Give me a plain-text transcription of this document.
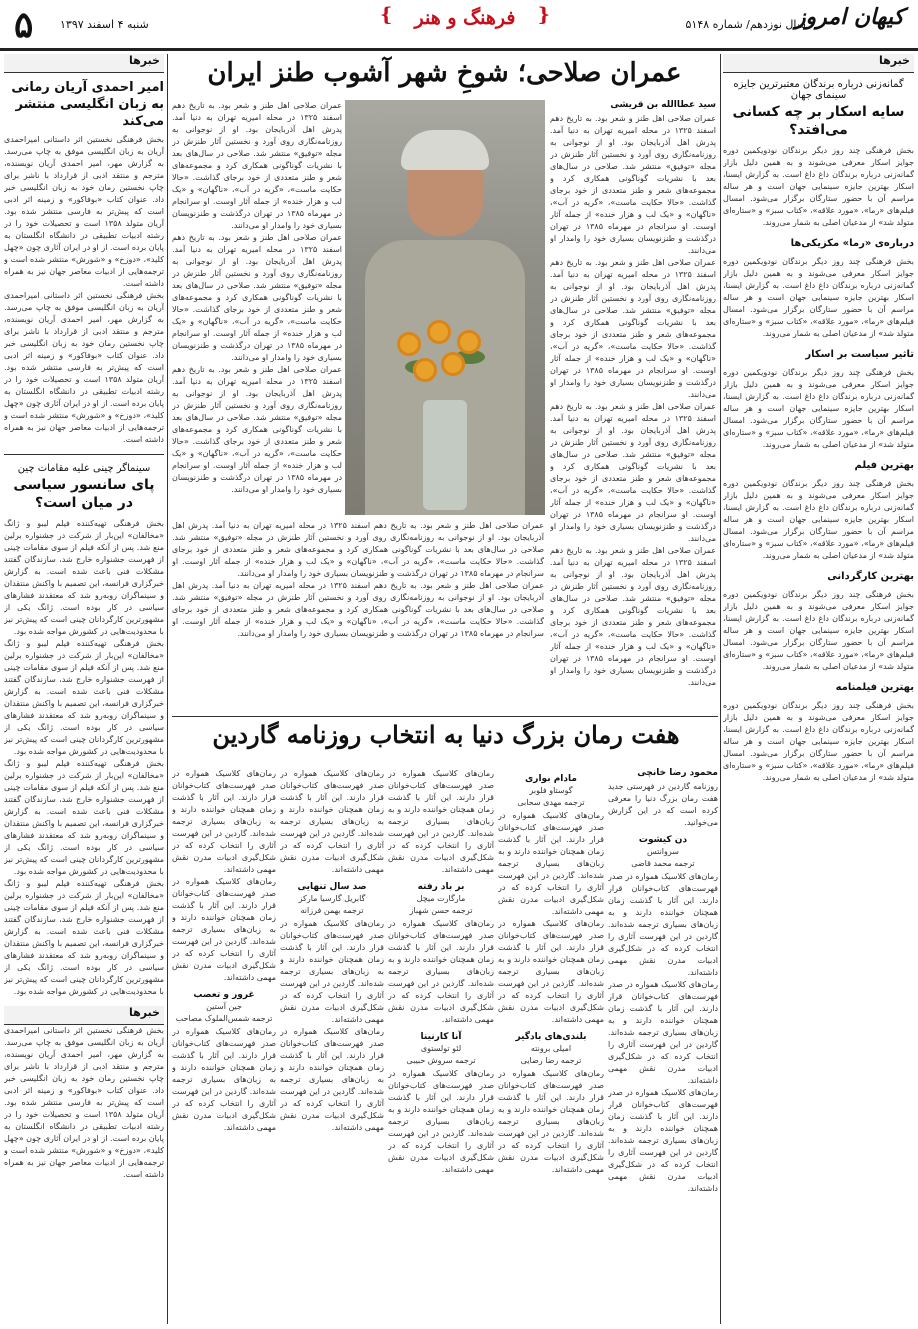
۵ شنبه ۴ اسفند ۱۳۹۷
{	فرهنگ و هنر }	سال نوزدهم/ شماره ۵۱۴۸
کیهان امروز
خبرها
امیر احمدی آریان رمانی به زبان انگلیسی منتشر می‌کند
بخش فرهنگی نخستین اثر داستانی امیراحمدی آریان به زبان انگلیسی موفق به چاپ می‌رسد. به گزارش مهر، امیر احمدی آریان نویسنده، مترجم و منتقد ادبی از قرارداد با ناشر برای چاپ نخستین رمان خود به زبان انگلیسی خبر داد. عنوان کتاب «بوفاکور» و زمینه اثر ادبی است که پیش‌تر به فارسی منتشر شده بود. آریان متولد ۱۳۵۸ است و تحصیلات خود را در رشته ادبیات تطبیقی در دانشگاه انگلستان به پایان برده است. از او در ایران آثاری چون «چهل کلید»، «دوزخ» و «شورش» منتشر شده است و ترجمه‌هایی از ادبیات معاصر جهان نیز به همراه داشته است.
بخش فرهنگی نخستین اثر داستانی امیراحمدی آریان به زبان انگلیسی موفق به چاپ می‌رسد. به گزارش مهر، امیر احمدی آریان نویسنده، مترجم و منتقد ادبی از قرارداد با ناشر برای چاپ نخستین رمان خود به زبان انگلیسی خبر داد. عنوان کتاب «بوفاکور» و زمینه اثر ادبی است که پیش‌تر به فارسی منتشر شده بود. آریان متولد ۱۳۵۸ است و تحصیلات خود را در رشته ادبیات تطبیقی در دانشگاه انگلستان به پایان برده است. از او در ایران آثاری چون «چهل کلید»، «دوزخ» و «شورش» منتشر شده است و ترجمه‌هایی از ادبیات معاصر جهان نیز به همراه داشته است.
سینماگر چینی علیه مقامات چین
پای سانسور سیاسی در میان است؟
بخش فرهنگی تهیه‌کننده فیلم لیبو و ژانگ «مخالفان» این‌بار از شرکت در جشنواره برلین منع شد. پس از آنکه فیلم از سوی مقامات چینی از فهرست جشنواره خارج شد، سازندگان گفتند مشکلات فنی باعث شده است. به گزارش خبرگزاری فرانسه، این تصمیم با واکنش منتقدان و سینماگران روبه‌رو شد که معتقدند فشارهای سیاسی در کار بوده است. ژانگ یکی از مشهورترین کارگردانان چینی است که پیش‌تر نیز با محدودیت‌هایی در کشورش مواجه شده بود.
بخش فرهنگی تهیه‌کننده فیلم لیبو و ژانگ «مخالفان» این‌بار از شرکت در جشنواره برلین منع شد. پس از آنکه فیلم از سوی مقامات چینی از فهرست جشنواره خارج شد، سازندگان گفتند مشکلات فنی باعث شده است. به گزارش خبرگزاری فرانسه، این تصمیم با واکنش منتقدان و سینماگران روبه‌رو شد که معتقدند فشارهای سیاسی در کار بوده است. ژانگ یکی از مشهورترین کارگردانان چینی است که پیش‌تر نیز با محدودیت‌هایی در کشورش مواجه شده بود.
بخش فرهنگی تهیه‌کننده فیلم لیبو و ژانگ «مخالفان» این‌بار از شرکت در جشنواره برلین منع شد. پس از آنکه فیلم از سوی مقامات چینی از فهرست جشنواره خارج شد، سازندگان گفتند مشکلات فنی باعث شده است. به گزارش خبرگزاری فرانسه، این تصمیم با واکنش منتقدان و سینماگران روبه‌رو شد که معتقدند فشارهای سیاسی در کار بوده است. ژانگ یکی از مشهورترین کارگردانان چینی است که پیش‌تر نیز با محدودیت‌هایی در کشورش مواجه شده بود.
بخش فرهنگی تهیه‌کننده فیلم لیبو و ژانگ «مخالفان» این‌بار از شرکت در جشنواره برلین منع شد. پس از آنکه فیلم از سوی مقامات چینی از فهرست جشنواره خارج شد، سازندگان گفتند مشکلات فنی باعث شده است. به گزارش خبرگزاری فرانسه، این تصمیم با واکنش منتقدان و سینماگران روبه‌رو شد که معتقدند فشارهای سیاسی در کار بوده است. ژانگ یکی از مشهورترین کارگردانان چینی است که پیش‌تر نیز با محدودیت‌هایی در کشورش مواجه شده بود.
خبرها
بخش فرهنگی نخستین اثر داستانی امیراحمدی آریان به زبان انگلیسی موفق به چاپ می‌رسد. به گزارش مهر، امیر احمدی آریان نویسنده، مترجم و منتقد ادبی از قرارداد با ناشر برای چاپ نخستین رمان خود به زبان انگلیسی خبر داد. عنوان کتاب «بوفاکور» و زمینه اثر ادبی است که پیش‌تر به فارسی منتشر شده بود. آریان متولد ۱۳۵۸ است و تحصیلات خود را در رشته ادبیات تطبیقی در دانشگاه انگلستان به پایان برده است. از او در ایران آثاری چون «چهل کلید»، «دوزخ» و «شورش» منتشر شده است و ترجمه‌هایی از ادبیات معاصر جهان نیز به همراه داشته است.
خبرها
گمانه‌زنی درباره برندگان معتبرترین جایزه سینمای جهان
سایه اسکار بر چه کسانی می‌افتد؟
بخش فرهنگی چند روز دیگر برندگان نودویکمین دوره جوایز اسکار معرفی می‌شوند و به همین دلیل بازار گمانه‌زنی درباره برندگان داغ داغ است. به گزارش ایسنا، اسکار بهترین جایزه سینمایی جهان است و هر ساله مراسم آن با حضور ستارگان برگزار می‌شود. امسال فیلم‌های «رما»، «مورد علاقه»، «کتاب سبز» و «ستاره‌ای متولد شد» از مدعیان اصلی به شمار می‌روند.
درباره‌ی «رما» مکزیکی‌ها
بخش فرهنگی چند روز دیگر برندگان نودویکمین دوره جوایز اسکار معرفی می‌شوند و به همین دلیل بازار گمانه‌زنی درباره برندگان داغ داغ است. به گزارش ایسنا، اسکار بهترین جایزه سینمایی جهان است و هر ساله مراسم آن با حضور ستارگان برگزار می‌شود. امسال فیلم‌های «رما»، «مورد علاقه»، «کتاب سبز» و «ستاره‌ای متولد شد» از مدعیان اصلی به شمار می‌روند.
تاثیر سیاست بر اسکار
بخش فرهنگی چند روز دیگر برندگان نودویکمین دوره جوایز اسکار معرفی می‌شوند و به همین دلیل بازار گمانه‌زنی درباره برندگان داغ داغ است. به گزارش ایسنا، اسکار بهترین جایزه سینمایی جهان است و هر ساله مراسم آن با حضور ستارگان برگزار می‌شود. امسال فیلم‌های «رما»، «مورد علاقه»، «کتاب سبز» و «ستاره‌ای متولد شد» از مدعیان اصلی به شمار می‌روند.
بهترین فیلم
بخش فرهنگی چند روز دیگر برندگان نودویکمین دوره جوایز اسکار معرفی می‌شوند و به همین دلیل بازار گمانه‌زنی درباره برندگان داغ داغ است. به گزارش ایسنا، اسکار بهترین جایزه سینمایی جهان است و هر ساله مراسم آن با حضور ستارگان برگزار می‌شود. امسال فیلم‌های «رما»، «مورد علاقه»، «کتاب سبز» و «ستاره‌ای متولد شد» از مدعیان اصلی به شمار می‌روند.
بهترین کارگردانی
بخش فرهنگی چند روز دیگر برندگان نودویکمین دوره جوایز اسکار معرفی می‌شوند و به همین دلیل بازار گمانه‌زنی درباره برندگان داغ داغ است. به گزارش ایسنا، اسکار بهترین جایزه سینمایی جهان است و هر ساله مراسم آن با حضور ستارگان برگزار می‌شود. امسال فیلم‌های «رما»، «مورد علاقه»، «کتاب سبز» و «ستاره‌ای متولد شد» از مدعیان اصلی به شمار می‌روند.
بهترین فیلمنامه
بخش فرهنگی چند روز دیگر برندگان نودویکمین دوره جوایز اسکار معرفی می‌شوند و به همین دلیل بازار گمانه‌زنی درباره برندگان داغ داغ است. به گزارش ایسنا، اسکار بهترین جایزه سینمایی جهان است و هر ساله مراسم آن با حضور ستارگان برگزار می‌شود. امسال فیلم‌های «رما»، «مورد علاقه»، «کتاب سبز» و «ستاره‌ای متولد شد» از مدعیان اصلی به شمار می‌روند.
عمران صلاحی؛ شوخِ شهر آشوب طنز ایران
سید عطاالله بن قریشی
عمران صلاحی اهل طنز و شعر بود. به تاریخ دهم اسفند ۱۳۲۵ در محله امیریه تهران به دنیا آمد. پدرش اهل آذربایجان بود. او از نوجوانی به روزنامه‌نگاری روی آورد و نخستین آثار طنزش در مجله «توفیق» منتشر شد. صلاحی در سال‌های بعد با نشریات گوناگونی همکاری کرد و مجموعه‌های شعر و طنز متعددی از خود برجای گذاشت. «حالا حکایت ماست»، «گریه در آب»، «ناگهان» و «یک لب و هزار خنده» از جمله آثار اوست. او سرانجام در مهرماه ۱۳۸۵ در تهران درگذشت و طنزنویسان بسیاری خود را وامدار او می‌دانند.
عمران صلاحی اهل طنز و شعر بود. به تاریخ دهم اسفند ۱۳۲۵ در محله امیریه تهران به دنیا آمد. پدرش اهل آذربایجان بود. او از نوجوانی به روزنامه‌نگاری روی آورد و نخستین آثار طنزش در مجله «توفیق» منتشر شد. صلاحی در سال‌های بعد با نشریات گوناگونی همکاری کرد و مجموعه‌های شعر و طنز متعددی از خود برجای گذاشت. «حالا حکایت ماست»، «گریه در آب»، «ناگهان» و «یک لب و هزار خنده» از جمله آثار اوست. او سرانجام در مهرماه ۱۳۸۵ در تهران درگذشت و طنزنویسان بسیاری خود را وامدار او می‌دانند.
عمران صلاحی اهل طنز و شعر بود. به تاریخ دهم اسفند ۱۳۲۵ در محله امیریه تهران به دنیا آمد. پدرش اهل آذربایجان بود. او از نوجوانی به روزنامه‌نگاری روی آورد و نخستین آثار طنزش در مجله «توفیق» منتشر شد. صلاحی در سال‌های بعد با نشریات گوناگونی همکاری کرد و مجموعه‌های شعر و طنز متعددی از خود برجای گذاشت. «حالا حکایت ماست»، «گریه در آب»، «ناگهان» و «یک لب و هزار خنده» از جمله آثار اوست. او سرانجام در مهرماه ۱۳۸۵ در تهران درگذشت و طنزنویسان بسیاری خود را وامدار او می‌دانند.
عمران صلاحی اهل طنز و شعر بود. به تاریخ دهم اسفند ۱۳۲۵ در محله امیریه تهران به دنیا آمد. پدرش اهل آذربایجان بود. او از نوجوانی به روزنامه‌نگاری روی آورد و نخستین آثار طنزش در مجله «توفیق» منتشر شد. صلاحی در سال‌های بعد با نشریات گوناگونی همکاری کرد و مجموعه‌های شعر و طنز متعددی از خود برجای گذاشت. «حالا حکایت ماست»، «گریه در آب»، «ناگهان» و «یک لب و هزار خنده» از جمله آثار اوست. او سرانجام در مهرماه ۱۳۸۵ در تهران درگذشت و طنزنویسان بسیاری خود را وامدار او می‌دانند.
عمران صلاحی اهل طنز و شعر بود. به تاریخ دهم اسفند ۱۳۲۵ در محله امیریه تهران به دنیا آمد. پدرش اهل آذربایجان بود. او از نوجوانی به روزنامه‌نگاری روی آورد و نخستین آثار طنزش در مجله «توفیق» منتشر شد. صلاحی در سال‌های بعد با نشریات گوناگونی همکاری کرد و مجموعه‌های شعر و طنز متعددی از خود برجای گذاشت. «حالا حکایت ماست»، «گریه در آب»، «ناگهان» و «یک لب و هزار خنده» از جمله آثار اوست. او سرانجام در مهرماه ۱۳۸۵ در تهران درگذشت و طنزنویسان بسیاری خود را وامدار او می‌دانند.
عمران صلاحی اهل طنز و شعر بود. به تاریخ دهم اسفند ۱۳۲۵ در محله امیریه تهران به دنیا آمد. پدرش اهل آذربایجان بود. او از نوجوانی به روزنامه‌نگاری روی آورد و نخستین آثار طنزش در مجله «توفیق» منتشر شد. صلاحی در سال‌های بعد با نشریات گوناگونی همکاری کرد و مجموعه‌های شعر و طنز متعددی از خود برجای گذاشت. «حالا حکایت ماست»، «گریه در آب»، «ناگهان» و «یک لب و هزار خنده» از جمله آثار اوست. او سرانجام در مهرماه ۱۳۸۵ در تهران درگذشت و طنزنویسان بسیاری خود را وامدار او می‌دانند.
عمران صلاحی اهل طنز و شعر بود. به تاریخ دهم اسفند ۱۳۲۵ در محله امیریه تهران به دنیا آمد. پدرش اهل آذربایجان بود. او از نوجوانی به روزنامه‌نگاری روی آورد و نخستین آثار طنزش در مجله «توفیق» منتشر شد. صلاحی در سال‌های بعد با نشریات گوناگونی همکاری کرد و مجموعه‌های شعر و طنز متعددی از خود برجای گذاشت. «حالا حکایت ماست»، «گریه در آب»، «ناگهان» و «یک لب و هزار خنده» از جمله آثار اوست. او سرانجام در مهرماه ۱۳۸۵ در تهران درگذشت و طنزنویسان بسیاری خود را وامدار او می‌دانند.
عمران صلاحی اهل طنز و شعر بود. به تاریخ دهم اسفند ۱۳۲۵ در محله امیریه تهران به دنیا آمد. پدرش اهل آذربایجان بود. او از نوجوانی به روزنامه‌نگاری روی آورد و نخستین آثار طنزش در مجله «توفیق» منتشر شد. صلاحی در سال‌های بعد با نشریات گوناگونی همکاری کرد و مجموعه‌های شعر و طنز متعددی از خود برجای گذاشت. «حالا حکایت ماست»، «گریه در آب»، «ناگهان» و «یک لب و هزار خنده» از جمله آثار اوست. او سرانجام در مهرماه ۱۳۸۵ در تهران درگذشت و طنزنویسان بسیاری خود را وامدار او می‌دانند.
عمران صلاحی اهل طنز و شعر بود. به تاریخ دهم اسفند ۱۳۲۵ در محله امیریه تهران به دنیا آمد. پدرش اهل آذربایجان بود. او از نوجوانی به روزنامه‌نگاری روی آورد و نخستین آثار طنزش در مجله «توفیق» منتشر شد. صلاحی در سال‌های بعد با نشریات گوناگونی همکاری کرد و مجموعه‌های شعر و طنز متعددی از خود برجای گذاشت. «حالا حکایت ماست»، «گریه در آب»، «ناگهان» و «یک لب و هزار خنده» از جمله آثار اوست. او سرانجام در مهرماه ۱۳۸۵ در تهران درگذشت و طنزنویسان بسیاری خود را وامدار او می‌دانند.
هفت رمان بزرگ دنیا به انتخاب روزنامه گاردین
محمود رضا خانچی
روزنامه گاردین در فهرستی جدید هفت رمان بزرگ دنیا را معرفی کرده است که در این گزارش می‌خوانید.
دن کیشوت
سروانتس
ترجمه محمد قاضی
رمان‌های کلاسیک همواره در صدر فهرست‌های کتاب‌خوانان قرار دارند. این آثار با گذشت زمان همچنان خواننده دارند و به زبان‌های بسیاری ترجمه شده‌اند. گاردین در این فهرست آثاری را انتخاب کرده که در شکل‌گیری ادبیات مدرن نقش مهمی داشته‌اند.
رمان‌های کلاسیک همواره در صدر فهرست‌های کتاب‌خوانان قرار دارند. این آثار با گذشت زمان همچنان خواننده دارند و به زبان‌های بسیاری ترجمه شده‌اند. گاردین در این فهرست آثاری را انتخاب کرده که در شکل‌گیری ادبیات مدرن نقش مهمی داشته‌اند.
رمان‌های کلاسیک همواره در صدر فهرست‌های کتاب‌خوانان قرار دارند. این آثار با گذشت زمان همچنان خواننده دارند و به زبان‌های بسیاری ترجمه شده‌اند. گاردین در این فهرست آثاری را انتخاب کرده که در شکل‌گیری ادبیات مدرن نقش مهمی داشته‌اند.
مادام بواری
گوستاو فلوبر
ترجمه مهدی سحابی
رمان‌های کلاسیک همواره در صدر فهرست‌های کتاب‌خوانان قرار دارند. این آثار با گذشت زمان همچنان خواننده دارند و به زبان‌های بسیاری ترجمه شده‌اند. گاردین در این فهرست آثاری را انتخاب کرده که در شکل‌گیری ادبیات مدرن نقش مهمی داشته‌اند.
رمان‌های کلاسیک همواره در صدر فهرست‌های کتاب‌خوانان قرار دارند. این آثار با گذشت زمان همچنان خواننده دارند و به زبان‌های بسیاری ترجمه شده‌اند. گاردین در این فهرست آثاری را انتخاب کرده که در شکل‌گیری ادبیات مدرن نقش مهمی داشته‌اند.
بلندی‌های بادگیر
امیلی برونته
ترجمه رضا رضایی
رمان‌های کلاسیک همواره در صدر فهرست‌های کتاب‌خوانان قرار دارند. این آثار با گذشت زمان همچنان خواننده دارند و به زبان‌های بسیاری ترجمه شده‌اند. گاردین در این فهرست آثاری را انتخاب کرده که در شکل‌گیری ادبیات مدرن نقش مهمی داشته‌اند.
رمان‌های کلاسیک همواره در صدر فهرست‌های کتاب‌خوانان قرار دارند. این آثار با گذشت زمان همچنان خواننده دارند و به زبان‌های بسیاری ترجمه شده‌اند. گاردین در این فهرست آثاری را انتخاب کرده که در شکل‌گیری ادبیات مدرن نقش مهمی داشته‌اند.
بر باد رفته
مارگارت میچل
ترجمه حسن شهباز
رمان‌های کلاسیک همواره در صدر فهرست‌های کتاب‌خوانان قرار دارند. این آثار با گذشت زمان همچنان خواننده دارند و به زبان‌های بسیاری ترجمه شده‌اند. گاردین در این فهرست آثاری را انتخاب کرده که در شکل‌گیری ادبیات مدرن نقش مهمی داشته‌اند.
آنا کارنینا
لئو تولستوی
ترجمه سروش حبیبی
رمان‌های کلاسیک همواره در صدر فهرست‌های کتاب‌خوانان قرار دارند. این آثار با گذشت زمان همچنان خواننده دارند و به زبان‌های بسیاری ترجمه شده‌اند. گاردین در این فهرست آثاری را انتخاب کرده که در شکل‌گیری ادبیات مدرن نقش مهمی داشته‌اند.
رمان‌های کلاسیک همواره در صدر فهرست‌های کتاب‌خوانان قرار دارند. این آثار با گذشت زمان همچنان خواننده دارند و به زبان‌های بسیاری ترجمه شده‌اند. گاردین در این فهرست آثاری را انتخاب کرده که در شکل‌گیری ادبیات مدرن نقش مهمی داشته‌اند.
صد سال تنهایی
گابریل گارسیا مارکز
ترجمه بهمن فرزانه
رمان‌های کلاسیک همواره در صدر فهرست‌های کتاب‌خوانان قرار دارند. این آثار با گذشت زمان همچنان خواننده دارند و به زبان‌های بسیاری ترجمه شده‌اند. گاردین در این فهرست آثاری را انتخاب کرده که در شکل‌گیری ادبیات مدرن نقش مهمی داشته‌اند.
رمان‌های کلاسیک همواره در صدر فهرست‌های کتاب‌خوانان قرار دارند. این آثار با گذشت زمان همچنان خواننده دارند و به زبان‌های بسیاری ترجمه شده‌اند. گاردین در این فهرست آثاری را انتخاب کرده که در شکل‌گیری ادبیات مدرن نقش مهمی داشته‌اند.
رمان‌های کلاسیک همواره در صدر فهرست‌های کتاب‌خوانان قرار دارند. این آثار با گذشت زمان همچنان خواننده دارند و به زبان‌های بسیاری ترجمه شده‌اند. گاردین در این فهرست آثاری را انتخاب کرده که در شکل‌گیری ادبیات مدرن نقش مهمی داشته‌اند.
رمان‌های کلاسیک همواره در صدر فهرست‌های کتاب‌خوانان قرار دارند. این آثار با گذشت زمان همچنان خواننده دارند و به زبان‌های بسیاری ترجمه شده‌اند. گاردین در این فهرست آثاری را انتخاب کرده که در شکل‌گیری ادبیات مدرن نقش مهمی داشته‌اند.
غرور و تعصب
جین آستین
ترجمه شمس‌الملوک مصاحب
رمان‌های کلاسیک همواره در صدر فهرست‌های کتاب‌خوانان قرار دارند. این آثار با گذشت زمان همچنان خواننده دارند و به زبان‌های بسیاری ترجمه شده‌اند. گاردین در این فهرست آثاری را انتخاب کرده که در شکل‌گیری ادبیات مدرن نقش مهمی داشته‌اند.
